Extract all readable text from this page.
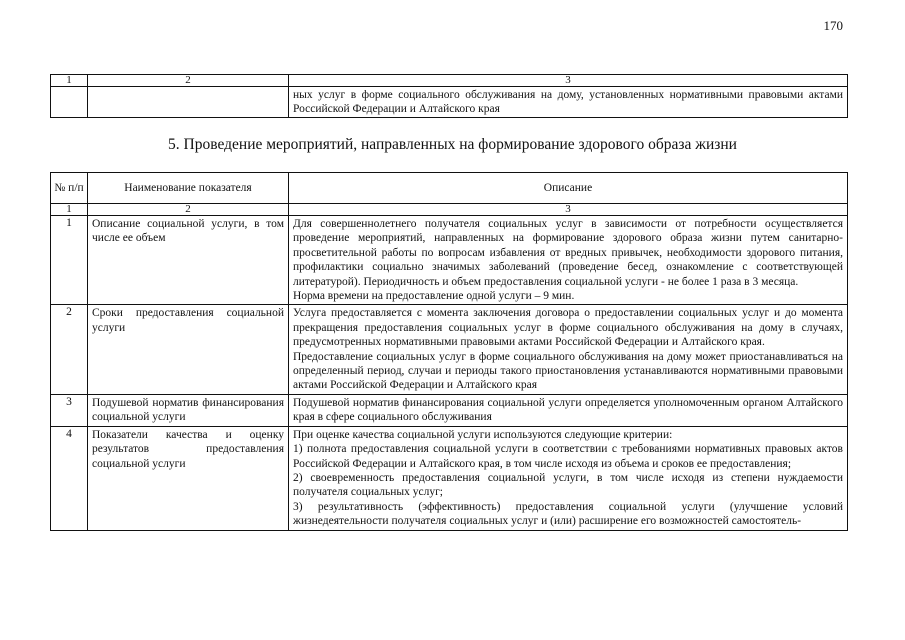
170
1	2	3
		ных услуг в форме социального обслуживания на дому, установленных нормативными правовыми актами Российской Федерации и Алтайского края
5. Проведение мероприятий, направленных на формирование здорового образа жизни
№ п/п	Наименование показателя	Описание
1	2	3
1	Описание социальной услуги, в том числе ее объем	Для совершеннолетнего получателя социальных услуг в зависимости от потребности осуществляется проведение мероприятий, направленных на формирование здорового образа жизни путем санитарно-просветительной работы по вопросам избавления от вредных привычек, необходимости здорового питания, профилактики социально значимых заболеваний (проведение бесед, ознакомление с соответствующей литературой). Периодичность и объем предоставления социальной услуги - не более 1 раза в 3 месяца.
Норма времени на предоставление одной услуги – 9 мин.

2	Сроки предоставления социальной услуги	Услуга предоставляется с момента заключения договора о предоставлении социальных услуг и до момента прекращения предоставления социальных услуг в форме социального обслуживания на дому в случаях, предусмотренных нормативными правовыми актами Российской Федерации и Алтайского края.
Предоставление социальных услуг в форме социального обслуживания на дому может приостанавливаться на определенный период, случаи и периоды такого приостановления устанавливаются нормативными правовыми актами Российской Федерации и Алтайского края

3	Подушевой норматив финансирования социальной услуги	Подушевой норматив финансирования социальной услуги определяется уполномоченным органом Алтайского края в сфере социального обслуживания

4	Показатели качества и оценку результатов предоставления социальной услуги	При оценке качества социальной услуги используются следующие критерии:
1) полнота предоставления социальной услуги в соответствии с требованиями нормативных правовых актов Российской Федерации и Алтайского края, в том числе исходя из объема и сроков ее предоставления;
2) своевременность предоставления социальной услуги, в том числе исходя из степени нуждаемости получателя социальных услуг;
3) результативность (эффективность) предоставления социальной услуги (улучшение условий жизнедеятельности получателя социальных услуг и (или) расширение его возможностей самостоятель-
